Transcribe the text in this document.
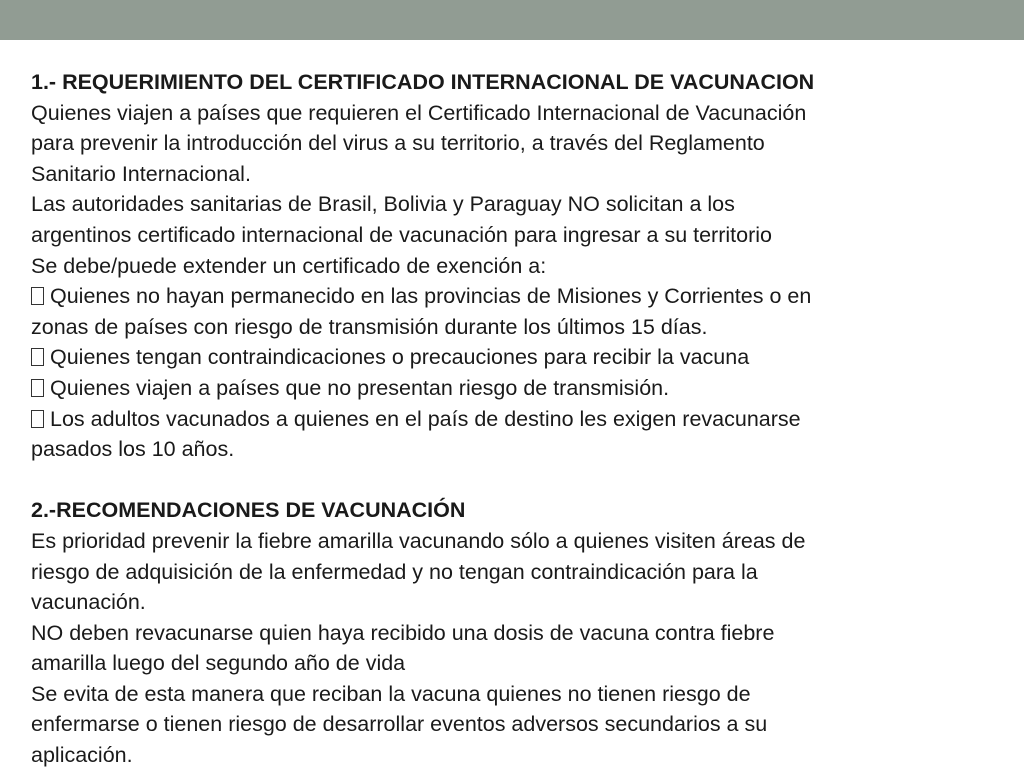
1.- REQUERIMIENTO DEL CERTIFICADO INTERNACIONAL DE VACUNACION
Quienes viajen a países que requieren el Certificado Internacional de Vacunación
para prevenir la introducción del virus a su territorio, a través del Reglamento
Sanitario Internacional.
Las autoridades sanitarias de Brasil, Bolivia y Paraguay NO solicitan a los
argentinos certificado internacional de vacunación para ingresar a su territorio
Se debe/puede extender un certificado de exención a:
Quienes no hayan permanecido en las provincias de Misiones y Corrientes o en
zonas de países con riesgo de transmisión durante los últimos 15 días.
Quienes tengan contraindicaciones o precauciones para recibir la vacuna
Quienes viajen a países que no presentan riesgo de transmisión.
Los adultos vacunados a quienes en el país de destino les exigen revacunarse
pasados los 10 años.
2.-RECOMENDACIONES DE VACUNACIÓN
Es prioridad prevenir la fiebre amarilla vacunando sólo a quienes visiten áreas de
riesgo de adquisición de la enfermedad y no tengan contraindicación para la
vacunación.
NO deben revacunarse quien haya recibido una dosis de vacuna contra fiebre
amarilla luego del segundo año de vida
Se evita de esta manera que reciban la vacuna quienes no tienen riesgo de
enfermarse o tienen riesgo de desarrollar eventos adversos secundarios a su
aplicación.
